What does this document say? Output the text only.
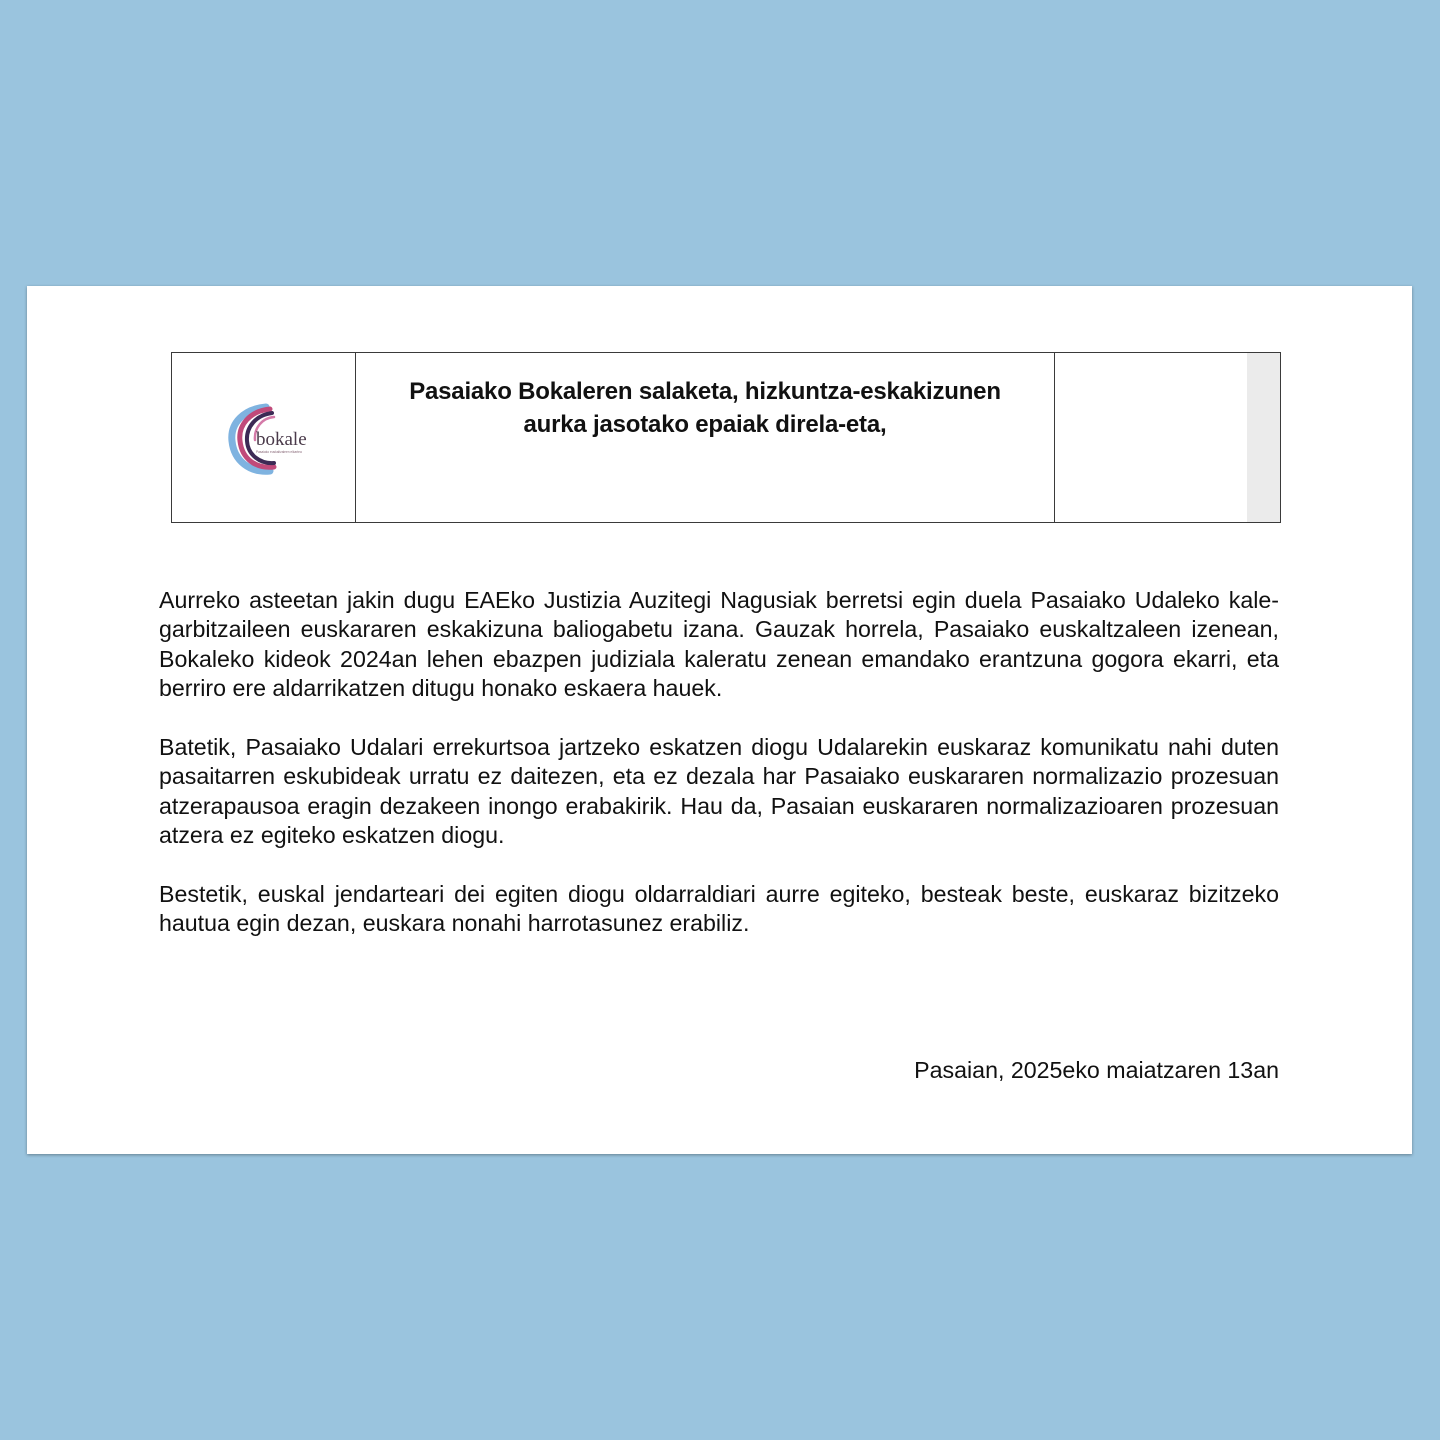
bokale
Pasaiako euskaltzaleen elkartea
Pasaiako Bokaleren salaketa, hizkuntza-eskakizunen
aurka jasotako epaiak direla-eta,

Aurreko asteetan jakin dugu EAEko Justizia Auzitegi Nagusiak berretsi egin duela Pasaiako Udaleko kale-garbitzaileen euskararen eskakizuna baliogabetu izana. Gauzak horrela, Pasaiako euskaltzaleen izenean, Bokaleko kideok 2024an lehen ebazpen judiziala kaleratu zenean emandako erantzuna gogora ekarri, eta berriro ere aldarrikatzen ditugu honako eskaera hauek.

Batetik, Pasaiako Udalari errekurtsoa jartzeko eskatzen diogu Udalarekin euskaraz komunikatu nahi duten pasaitarren eskubideak urratu ez daitezen, eta ez dezala har Pasaiako euskararen normalizazio prozesuan atzerapausoa eragin dezakeen inongo erabakirik. Hau da, Pasaian euskararen normalizazioaren prozesuan atzera ez egiteko eskatzen diogu.

Bestetik, euskal jendarteari dei egiten diogu oldarraldiari aurre egiteko, besteak beste, euskaraz bizitzeko hautua egin dezan, euskara nonahi harrotasunez erabiliz.

Pasaian, 2025eko maiatzaren 13an
